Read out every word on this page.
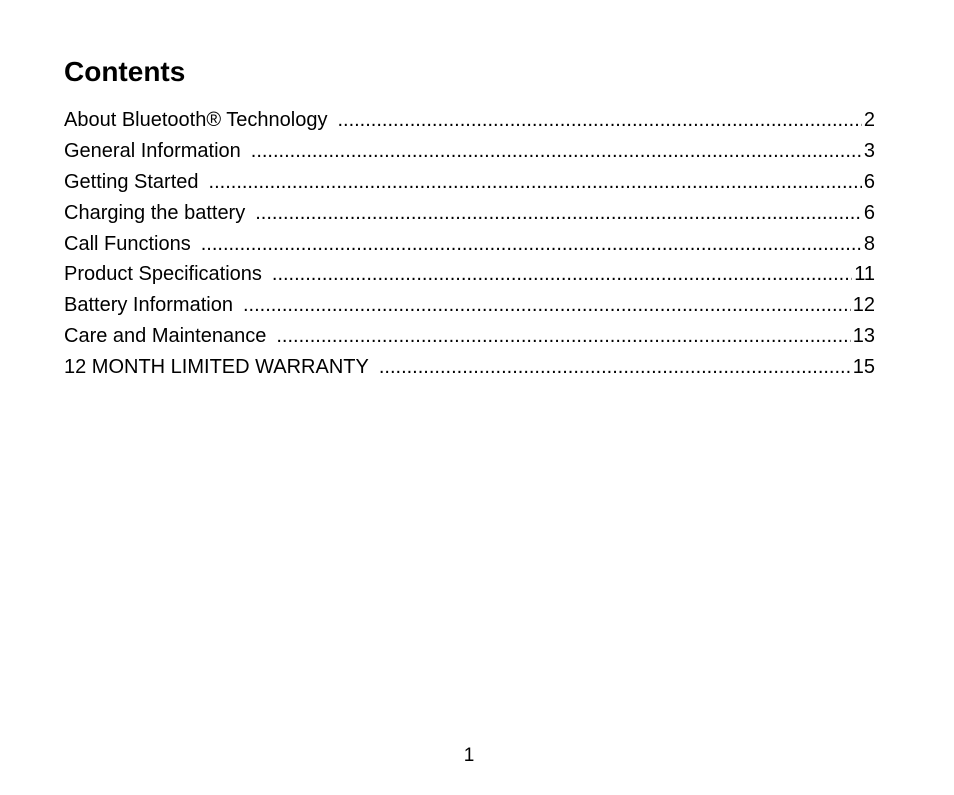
Contents
About Bluetooth® Technology .....	2
General Information .....	3
Getting Started .....	6
Charging the battery .....	6
Call Functions .....	8
Product Specifications .....	11
Battery Information .....	12
Care and Maintenance .....	13
12 MONTH LIMITED WARRANTY .....	15
1
